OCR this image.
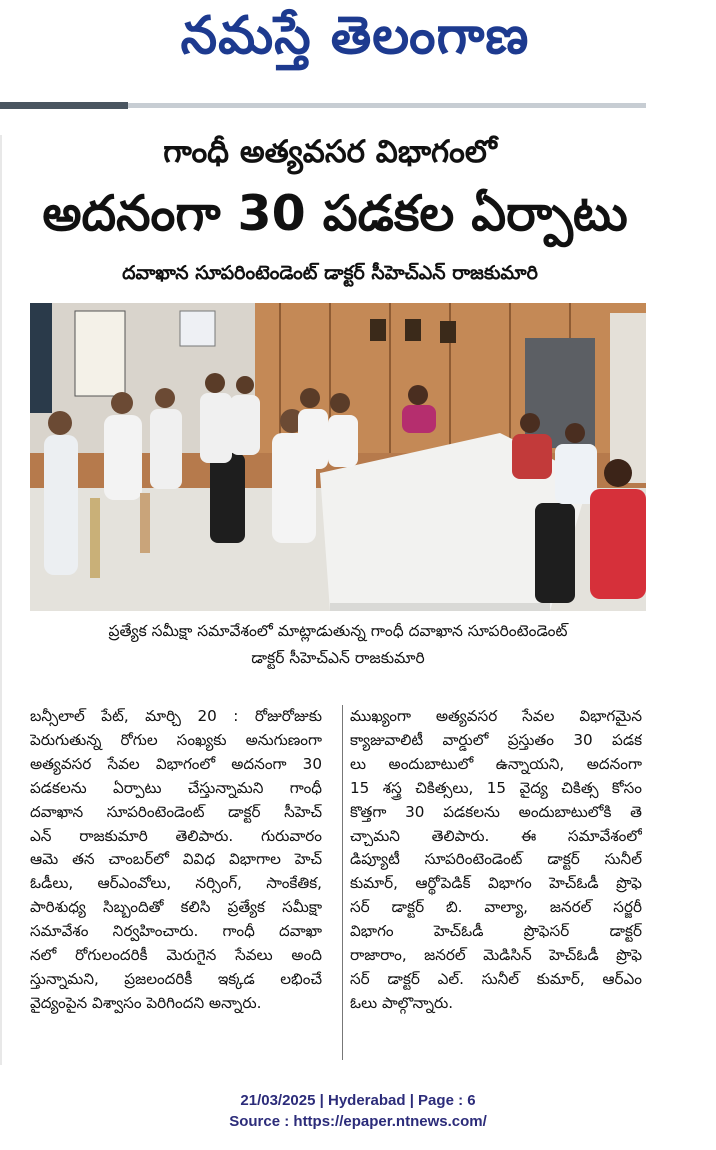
నమస్తే తెలంగాణ
గాంధీ అత్యవసర విభాగంలో
అదనంగా 30 పడకల ఏర్పాటు
దవాఖాన సూపరింటెండెంట్ డాక్టర్ సీహెచ్ఎన్ రాజకుమారి
ప్రత్యేక సమీక్షా సమావేశంలో మాట్లాడుతున్న గాంధీ దవాఖాన సూపరింటెండెంట్
డాక్టర్ సీహెచ్ఎన్ రాజకుమారి
బన్సీలాల్ పేట్, మార్చి 20 : రోజురోజుకు
పెరుగుతున్న రోగుల సంఖ్యకు అనుగుణంగా
అత్యవసర సేవల విభాగంలో అదనంగా 30
పడకలను ఏర్పాటు చేస్తున్నామని గాంధీ
దవాఖాన సూపరింటెండెంట్ డాక్టర్ సీహెచ్
ఎన్ రాజకుమారి తెలిపారు. గురువారం
ఆమె తన చాంబర్‌లో వివిధ విభాగాల హెచ్
ఓడీలు, ఆర్ఎంవోలు, నర్సింగ్, సాంకేతిక,
పారిశుధ్య సిబ్బందితో కలిసి ప్రత్యేక సమీక్షా
సమావేశం నిర్వహించారు. గాంధీ దవాఖా
నలో రోగులందరికీ మెరుగైన సేవలు అంది
స్తున్నామని, ప్రజలందరికీ ఇక్కడ లభించే
వైద్యంపైన విశ్వాసం పెరిగిందని అన్నారు.
ముఖ్యంగా అత్యవసర సేవల విభాగమైన
క్యాజువాలిటీ వార్డులో ప్రస్తుతం 30 పడక
లు అందుబాటులో ఉన్నాయని, అదనంగా
15 శస్త్ర చికిత్సలు, 15 వైద్య చికిత్స కోసం
కొత్తగా 30 పడకలను అందుబాటులోకి తె
చ్చామని తెలిపారు. ఈ సమావేశంలో
డిప్యూటీ సూపరింటెండెంట్ డాక్టర్ సునీల్
కుమార్, ఆర్థోపెడిక్ విభాగం హెచ్ఓడీ ప్రొఫె
సర్ డాక్టర్ బి. వాల్యా, జనరల్ సర్జరీ
విభాగం హెచ్ఓడీ ప్రొఫెసర్ డాక్టర్
రాజారాం, జనరల్ మెడిసిన్ హెచ్ఓడీ ప్రొఫె
సర్ డాక్టర్ ఎల్. సునీల్ కుమార్, ఆర్ఎం
ఓలు పాల్గొన్నారు.
21/03/2025 | Hyderabad | Page : 6
Source : https://epaper.ntnews.com/
